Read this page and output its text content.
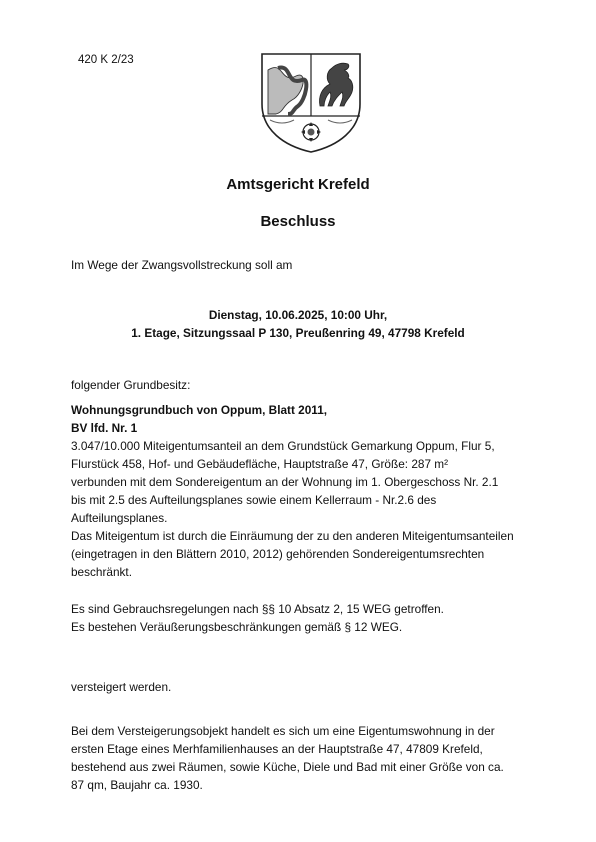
420 K 2/23
Amtsgericht Krefeld
Beschluss
Im Wege der Zwangsvollstreckung soll am
Dienstag, 10.06.2025, 10:00 Uhr,
1. Etage, Sitzungssaal P 130, Preußenring 49, 47798 Krefeld
folgender Grundbesitz:
Wohnungsgrundbuch von Oppum, Blatt 2011,
BV lfd. Nr. 1
3.047/10.000 Miteigentumsanteil an dem Grundstück Gemarkung Oppum, Flur 5,
Flurstück 458, Hof- und Gebäudefläche, Hauptstraße 47, Größe: 287 m²
verbunden mit dem Sondereigentum an der Wohnung im 1. Obergeschoss Nr. 2.1
bis mit 2.5 des Aufteilungsplanes sowie einem Kellerraum - Nr.2.6 des
Aufteilungsplanes.
Das Miteigentum ist durch die Einräumung der zu den anderen Miteigentumsanteilen
(eingetragen in den Blättern 2010, 2012) gehörenden Sondereigentumsrechten
beschränkt.
Es sind Gebrauchsregelungen nach §§ 10 Absatz 2, 15 WEG getroffen.
Es bestehen Veräußerungsbeschränkungen gemäß § 12 WEG.
versteigert werden.
Bei dem Versteigerungsobjekt handelt es sich um eine Eigentumswohnung in der
ersten Etage eines Merhfamilienhauses an der Hauptstraße 47, 47809 Krefeld,
bestehend aus zwei Räumen, sowie Küche, Diele und Bad mit einer Größe von ca.
87 qm, Baujahr ca. 1930.
